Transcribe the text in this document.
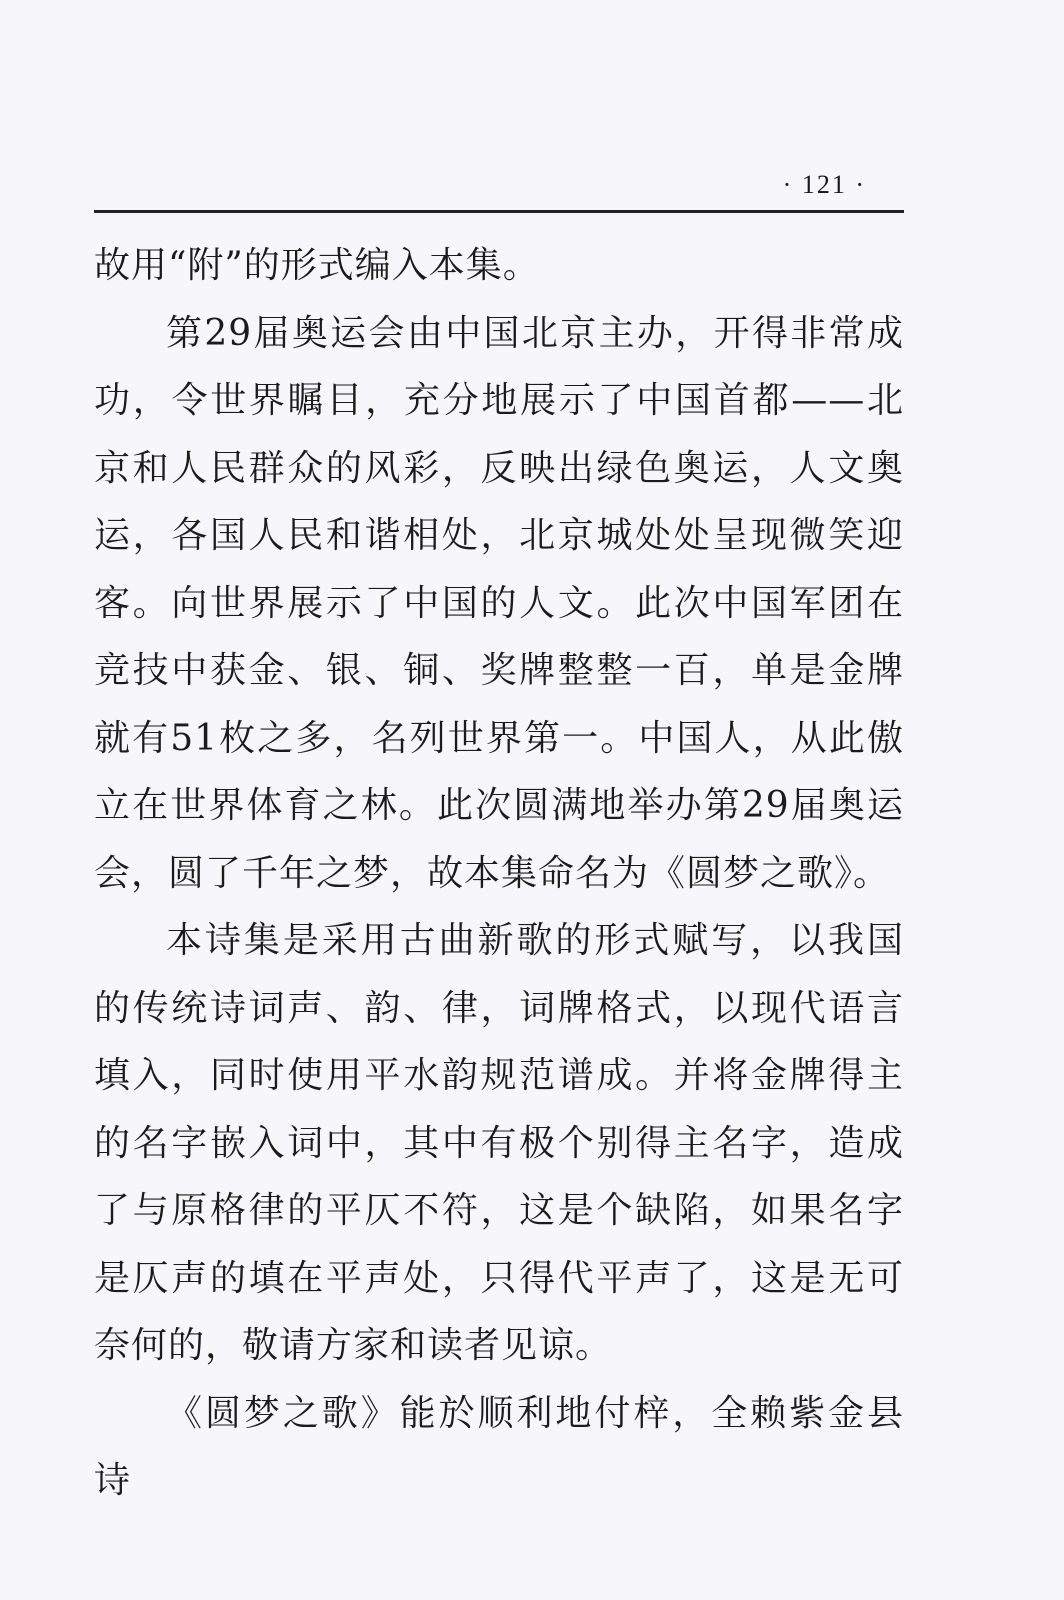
· 121 ·

故用“附”的形式编入本集。

第29届奥运会由中国北京主办，开得非常成功，令世界瞩目，充分地展示了中国首都——北京和人民群众的风彩，反映出绿色奥运，人文奥运，各国人民和谐相处，北京城处处呈现微笑迎客。向世界展示了中国的人文。此次中国军团在竞技中获金、银、铜、奖牌整整一百，单是金牌就有51枚之多，名列世界第一。中国人，从此傲立在世界体育之林。此次圆满地举办第29届奥运会，圆了千年之梦，故本集命名为《圆梦之歌》。

本诗集是采用古曲新歌的形式赋写，以我国的传统诗词声、韵、律，词牌格式，以现代语言填入，同时使用平水韵规范谱成。并将金牌得主的名字嵌入词中，其中有极个别得主名字，造成了与原格律的平仄不符，这是个缺陷，如果名字是仄声的填在平声处，只得代平声了，这是无可奈何的，敬请方家和读者见谅。

《圆梦之歌》能於顺利地付梓，全赖紫金县诗
